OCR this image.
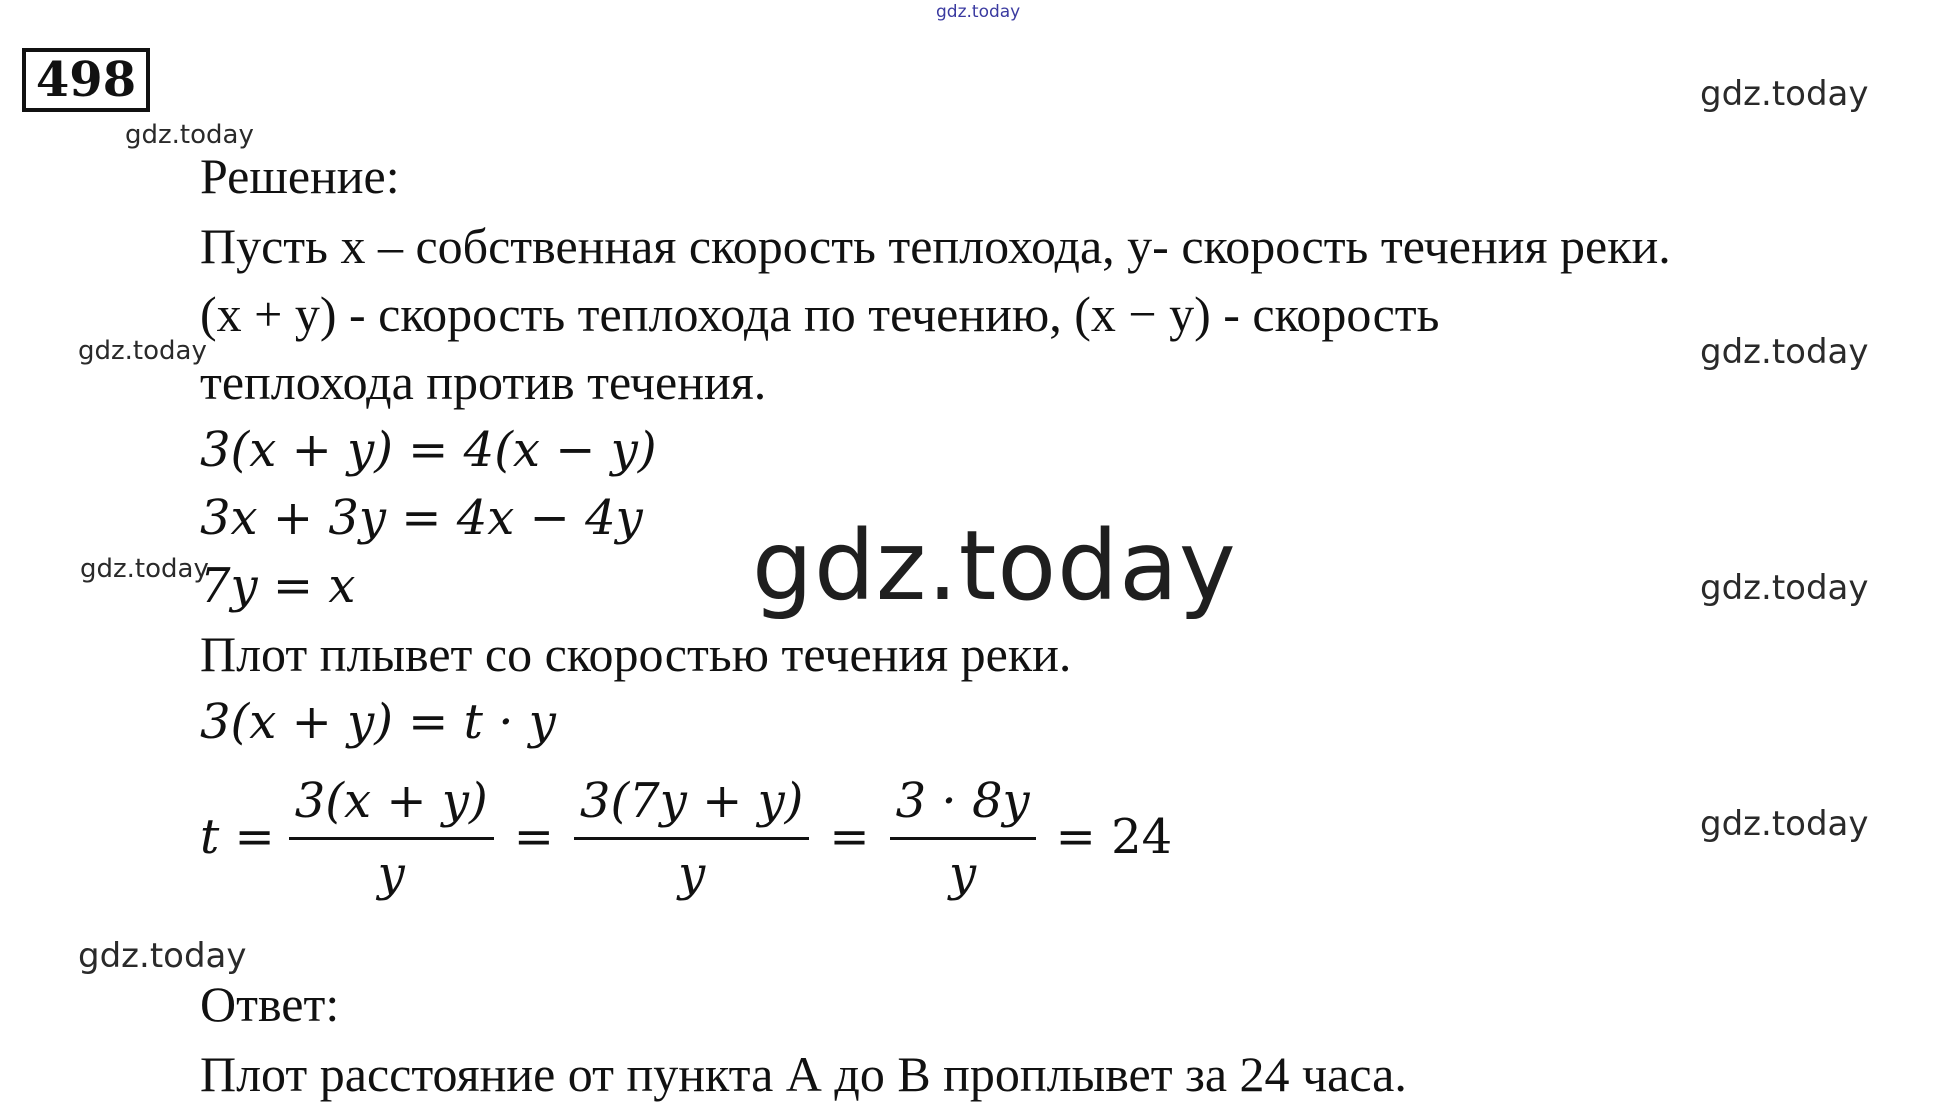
gdz.today
gdz.today
gdz.today
gdz.today	gdz.today
gdz.today	gdz.today
gdz.today
gdz.today
498
Решение:
Пусть x – собственная скорость теплохода, y- скорость течения реки.
(x + y) - скорость теплохода по течению, (x − y) - скорость
теплохода против течения.
3(x + y) = 4(x − y)
3x + 3y = 4x − 4y
7y = x
Плот плывет со скоростью течения реки.
3(x + y) = t · y
$t = \frac{3(x + y)}{y} = \frac{3(7y + y)}{y} = \frac{3 \cdot 8y}{y} = 24$
gdz.today
Ответ:
Плот расстояние от пункта А до В проплывет за 24 часа.
